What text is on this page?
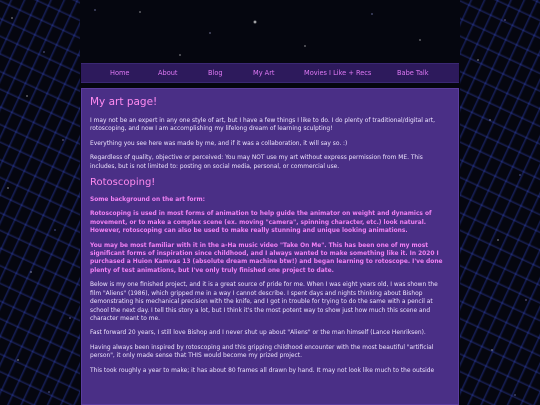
Home	About	Blog	My Art	Movies I Like + Recs	Babe Talk
My art page!

I may not be an expert in any one style of art, but I have a few things I like to do. I do plenty of traditional/digital art, rotoscoping, and now I am accomplishing my lifelong dream of learning sculpting!

Everything you see here was made by me, and if it was a collaboration, it will say so. :)

Regardless of quality, objective or perceived: You may NOT use my art without express permission from ME. This includes, but is not limited to: posting on social media, personal, or commercial use.

Rotoscoping!

Some background on the art form:

Rotoscoping is used in most forms of animation to help guide the animator on weight and dynamics of movement, or to make a complex scene (ex. moving "camera", spinning character, etc.) look natural. However, rotoscoping can also be used to make really stunning and unique looking animations.

You may be most familiar with it in the a-Ha music video "Take On Me". This has been one of my most significant forms of inspiration since childhood, and I always wanted to make something like it. In 2020 I purchased a Huion Kamvas 13 (absolute dream machine btw!) and began learning to rotoscope. I've done plenty of test animations, but I've only truly finished one project to date.

Below is my one finished project, and it is a great source of pride for me. When I was eight years old, I was shown the film "Aliens" (1986), which gripped me in a way I cannot describe. I spent days and nights thinking about Bishop demonstrating his mechanical precision with the knife, and I got in trouble for trying to do the same with a pencil at school the next day. I tell this story a lot, but I think it's the most potent way to show just how much this scene and character meant to me.

Fast forward 20 years, I still love Bishop and I never shut up about "Aliens" or the man himself (Lance Henriksen).

Having always been inspired by rotoscoping and this gripping childhood encounter with the most beautiful "artificial person", it only made sense that THIS would become my prized project.

This took roughly a year to make; it has about 80 frames all drawn by hand. It may not look like much to the outside
